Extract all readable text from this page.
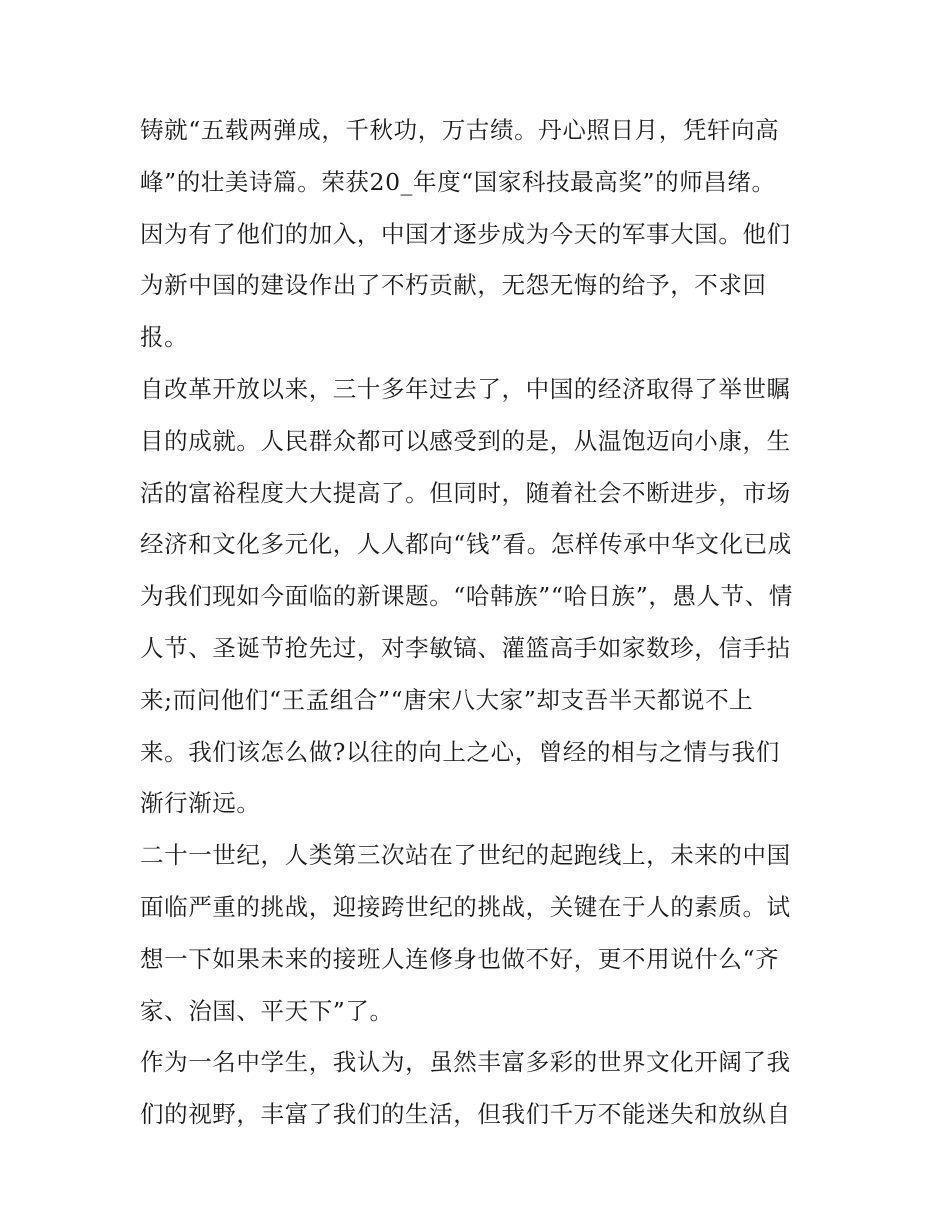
铸就“五载两弹成，千秋功，万古绩。丹心照日月，凭轩向高
峰”的壮美诗篇。荣获20_年度“国家科技最高奖”的师昌绪。
因为有了他们的加入，中国才逐步成为今天的军事大国。他们
为新中国的建设作出了不朽贡献，无怨无悔的给予，不求回
报。
自改革开放以来，三十多年过去了，中国的经济取得了举世瞩
目的成就。人民群众都可以感受到的是，从温饱迈向小康，生
活的富裕程度大大提高了。但同时，随着社会不断进步，市场
经济和文化多元化，人人都向“钱”看。怎样传承中华文化已成
为我们现如今面临的新课题。“哈韩族”“哈日族”，愚人节、情
人节、圣诞节抢先过，对李敏镐、灌篮高手如家数珍，信手拈
来;而问他们“王孟组合”“唐宋八大家”却支吾半天都说不上
来。我们该怎么做?以往的向上之心，曾经的相与之情与我们
渐行渐远。
二十一世纪，人类第三次站在了世纪的起跑线上，未来的中国
面临严重的挑战，迎接跨世纪的挑战，关键在于人的素质。试
想一下如果未来的接班人连修身也做不好，更不用说什么“齐
家、治国、平天下”了。
作为一名中学生，我认为，虽然丰富多彩的世界文化开阔了我
们的视野，丰富了我们的生活，但我们千万不能迷失和放纵自
